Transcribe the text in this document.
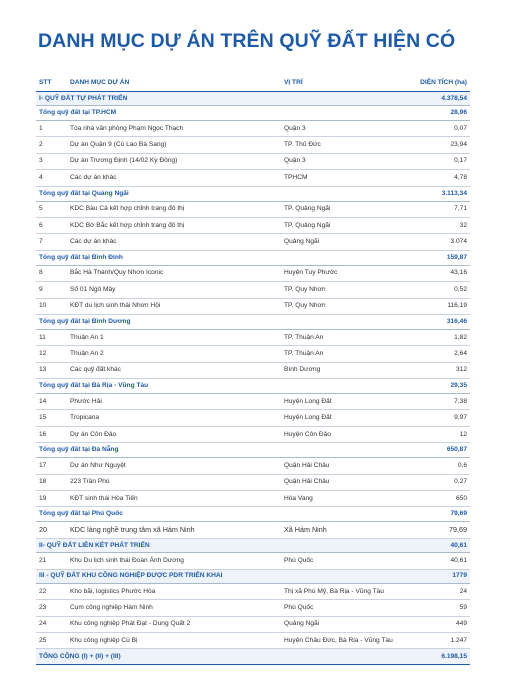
DANH MỤC DỰ ÁN TRÊN QUỸ ĐẤT HIỆN CÓ
STT	DANH MỤC DỰ ÁN	VỊ TRÍ	DIỆN TÍCH (ha)
I- QUỸ ĐẤT TỰ PHÁT TRIỂN			4.378,54
Tổng quỹ đất tại TP.HCM			28,96
1	Tòa nhà văn phòng Phạm Ngọc Thạch	Quận 3	0,07
2	Dự án Quận 9 (Cù Lao Bà Sang)	TP. Thủ Đức	23,94
3	Dự án Trương Định (14/02 Kỳ Đồng)	Quận 3	0,17
4	Các dự án khác	TPHCM	4,78
Tổng quỹ đất tại Quảng Ngãi			3.113,34
5	KDC Bàu Cả kết hợp chỉnh trang đô thị	TP. Quảng Ngãi	7,71
6	KDC Bờ Bắc kết hợp chỉnh trang đô thị	TP. Quảng Ngãi	32
7	Các dự án khác	Quảng Ngãi	3.074
Tổng quỹ đất tại Bình Định			159,87
8	Bắc Hà Thanh/Quy Nhơn Iconic	Huyện Tuy Phước	43,16
9	Số 01 Ngô Mây	TP. Quy Nhơn	0,52
10	KĐT du lịch sinh thái Nhơn Hội	TP. Quy Nhơn	116,19
Tổng quỹ đất tại Bình Dương			316,46
11	Thuận An 1	TP. Thuận An	1,82
12	Thuận An 2	TP. Thuận An	2,64
13	Các quỹ đất khác	Bình Dương	312
Tổng quỹ đất tại Bà Rịa - Vũng Tàu			29,35
14	Phước Hải	Huyện Long Đất	7,38
15	Tropicana	Huyện Long Đất	9,97
16	Dự án Côn Đảo	Huyện Côn Đảo	12
Tổng quỹ đất tại Đà Nẵng			650,87
17	Dự án Như Nguyệt	Quận Hải Châu	0,6
18	223 Trần Phú	Quận Hải Châu	0,27
19	KĐT sinh thái Hòa Tiến	Hòa Vang	650
Tổng quỹ đất tại Phú Quốc			79,69
20	KDC làng nghề trung tâm xã Hàm Ninh	Xã Hàm Ninh	79,69
II- QUỸ ĐẤT LIÊN KẾT PHÁT TRIỂN			40,61
21	Khu Du lịch sinh thái Đoàn Ánh Dương	Phú Quốc	40,61
III - QUỸ ĐẤT KHU CÔNG NGHIỆP ĐƯỢC PDR TRIỂN KHAI			1779
22	Kho bãi, logistics Phước Hòa	Thị xã Phú Mỹ, Bà Rịa - Vũng Tàu	24
23	Cụm công nghiệp Hàm Ninh	Phú Quốc	59
24	Khu công nghiệp Phát Đạt - Dung Quất 2	Quảng Ngãi	449
25	Khu công nghiệp Cù Bị	Huyện Châu Đức, Bà Rịa - Vũng Tàu	1.247
TỔNG CỘNG (I) + (II) + (III)			6.198,15
